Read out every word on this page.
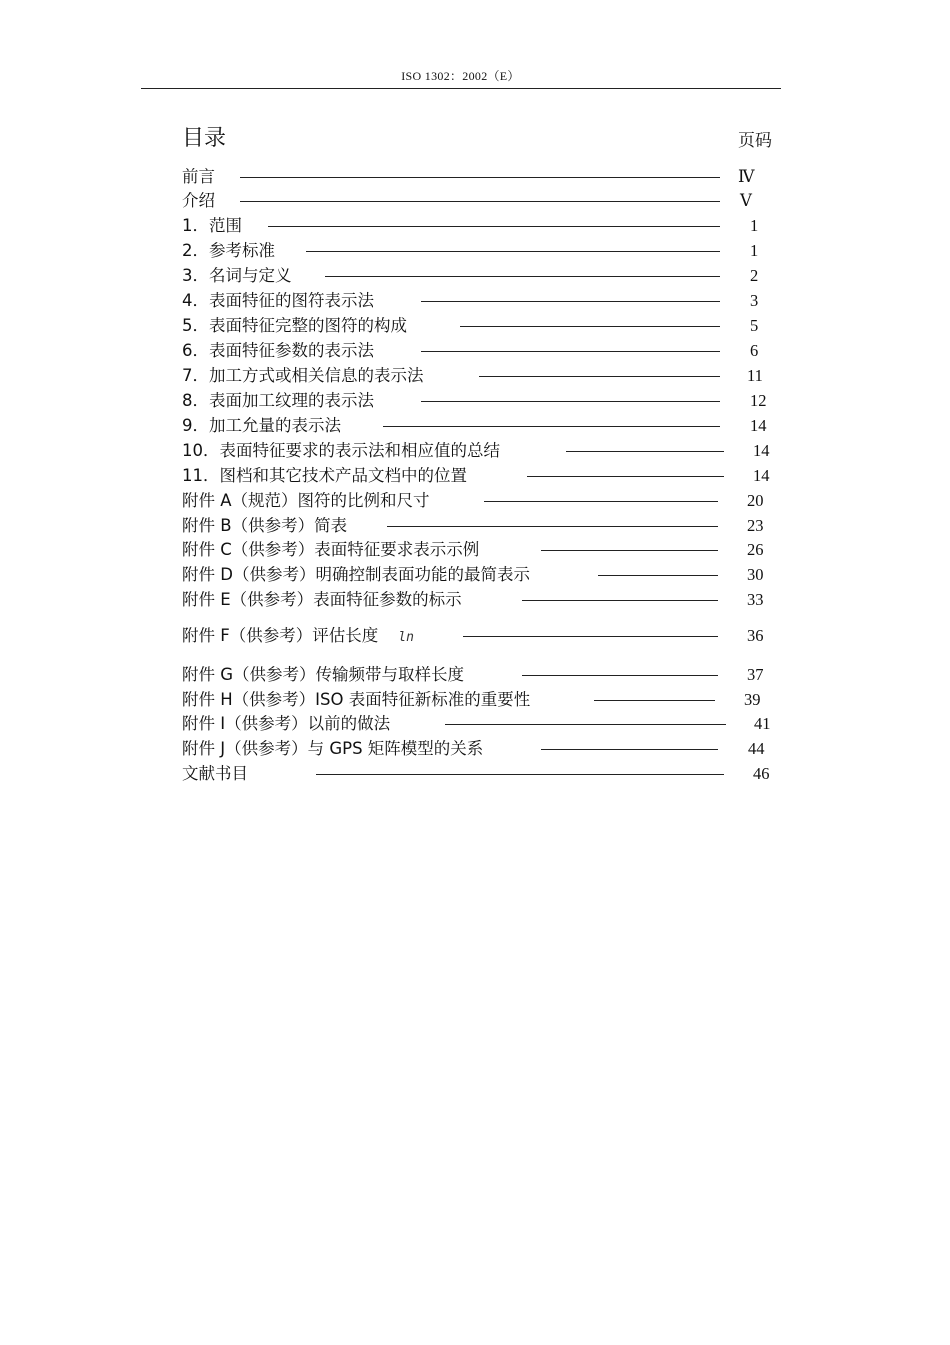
ISO 1302：2002（E）
目录	页码
前言	Ⅳ
介绍	Ⅴ
1．范围	1
2．参考标准	1
3．名词与定义	2
4．表面特征的图符表示法	3
5．表面特征完整的图符的构成	5
6．表面特征参数的表示法	6
7．加工方式或相关信息的表示法	11
8．表面加工纹理的表示法	12
9．加工允量的表示法	14
10．表面特征要求的表示法和相应值的总结	14
11．图档和其它技术产品文档中的位置	14
附件 A（规范）图符的比例和尺寸	20
附件 B（供参考）简表	23
附件 C（供参考）表面特征要求表示示例	26
附件 D（供参考）明确控制表面功能的最简表示	30
附件 E（供参考）表面特征参数的标示	33
附件 F（供参考）评估长度 ln	36
附件 G（供参考）传输频带与取样长度	37
附件 H（供参考）ISO 表面特征新标准的重要性	39
附件 I（供参考）以前的做法	41
附件 J（供参考）与 GPS 矩阵模型的关系	44
文献书目	46
